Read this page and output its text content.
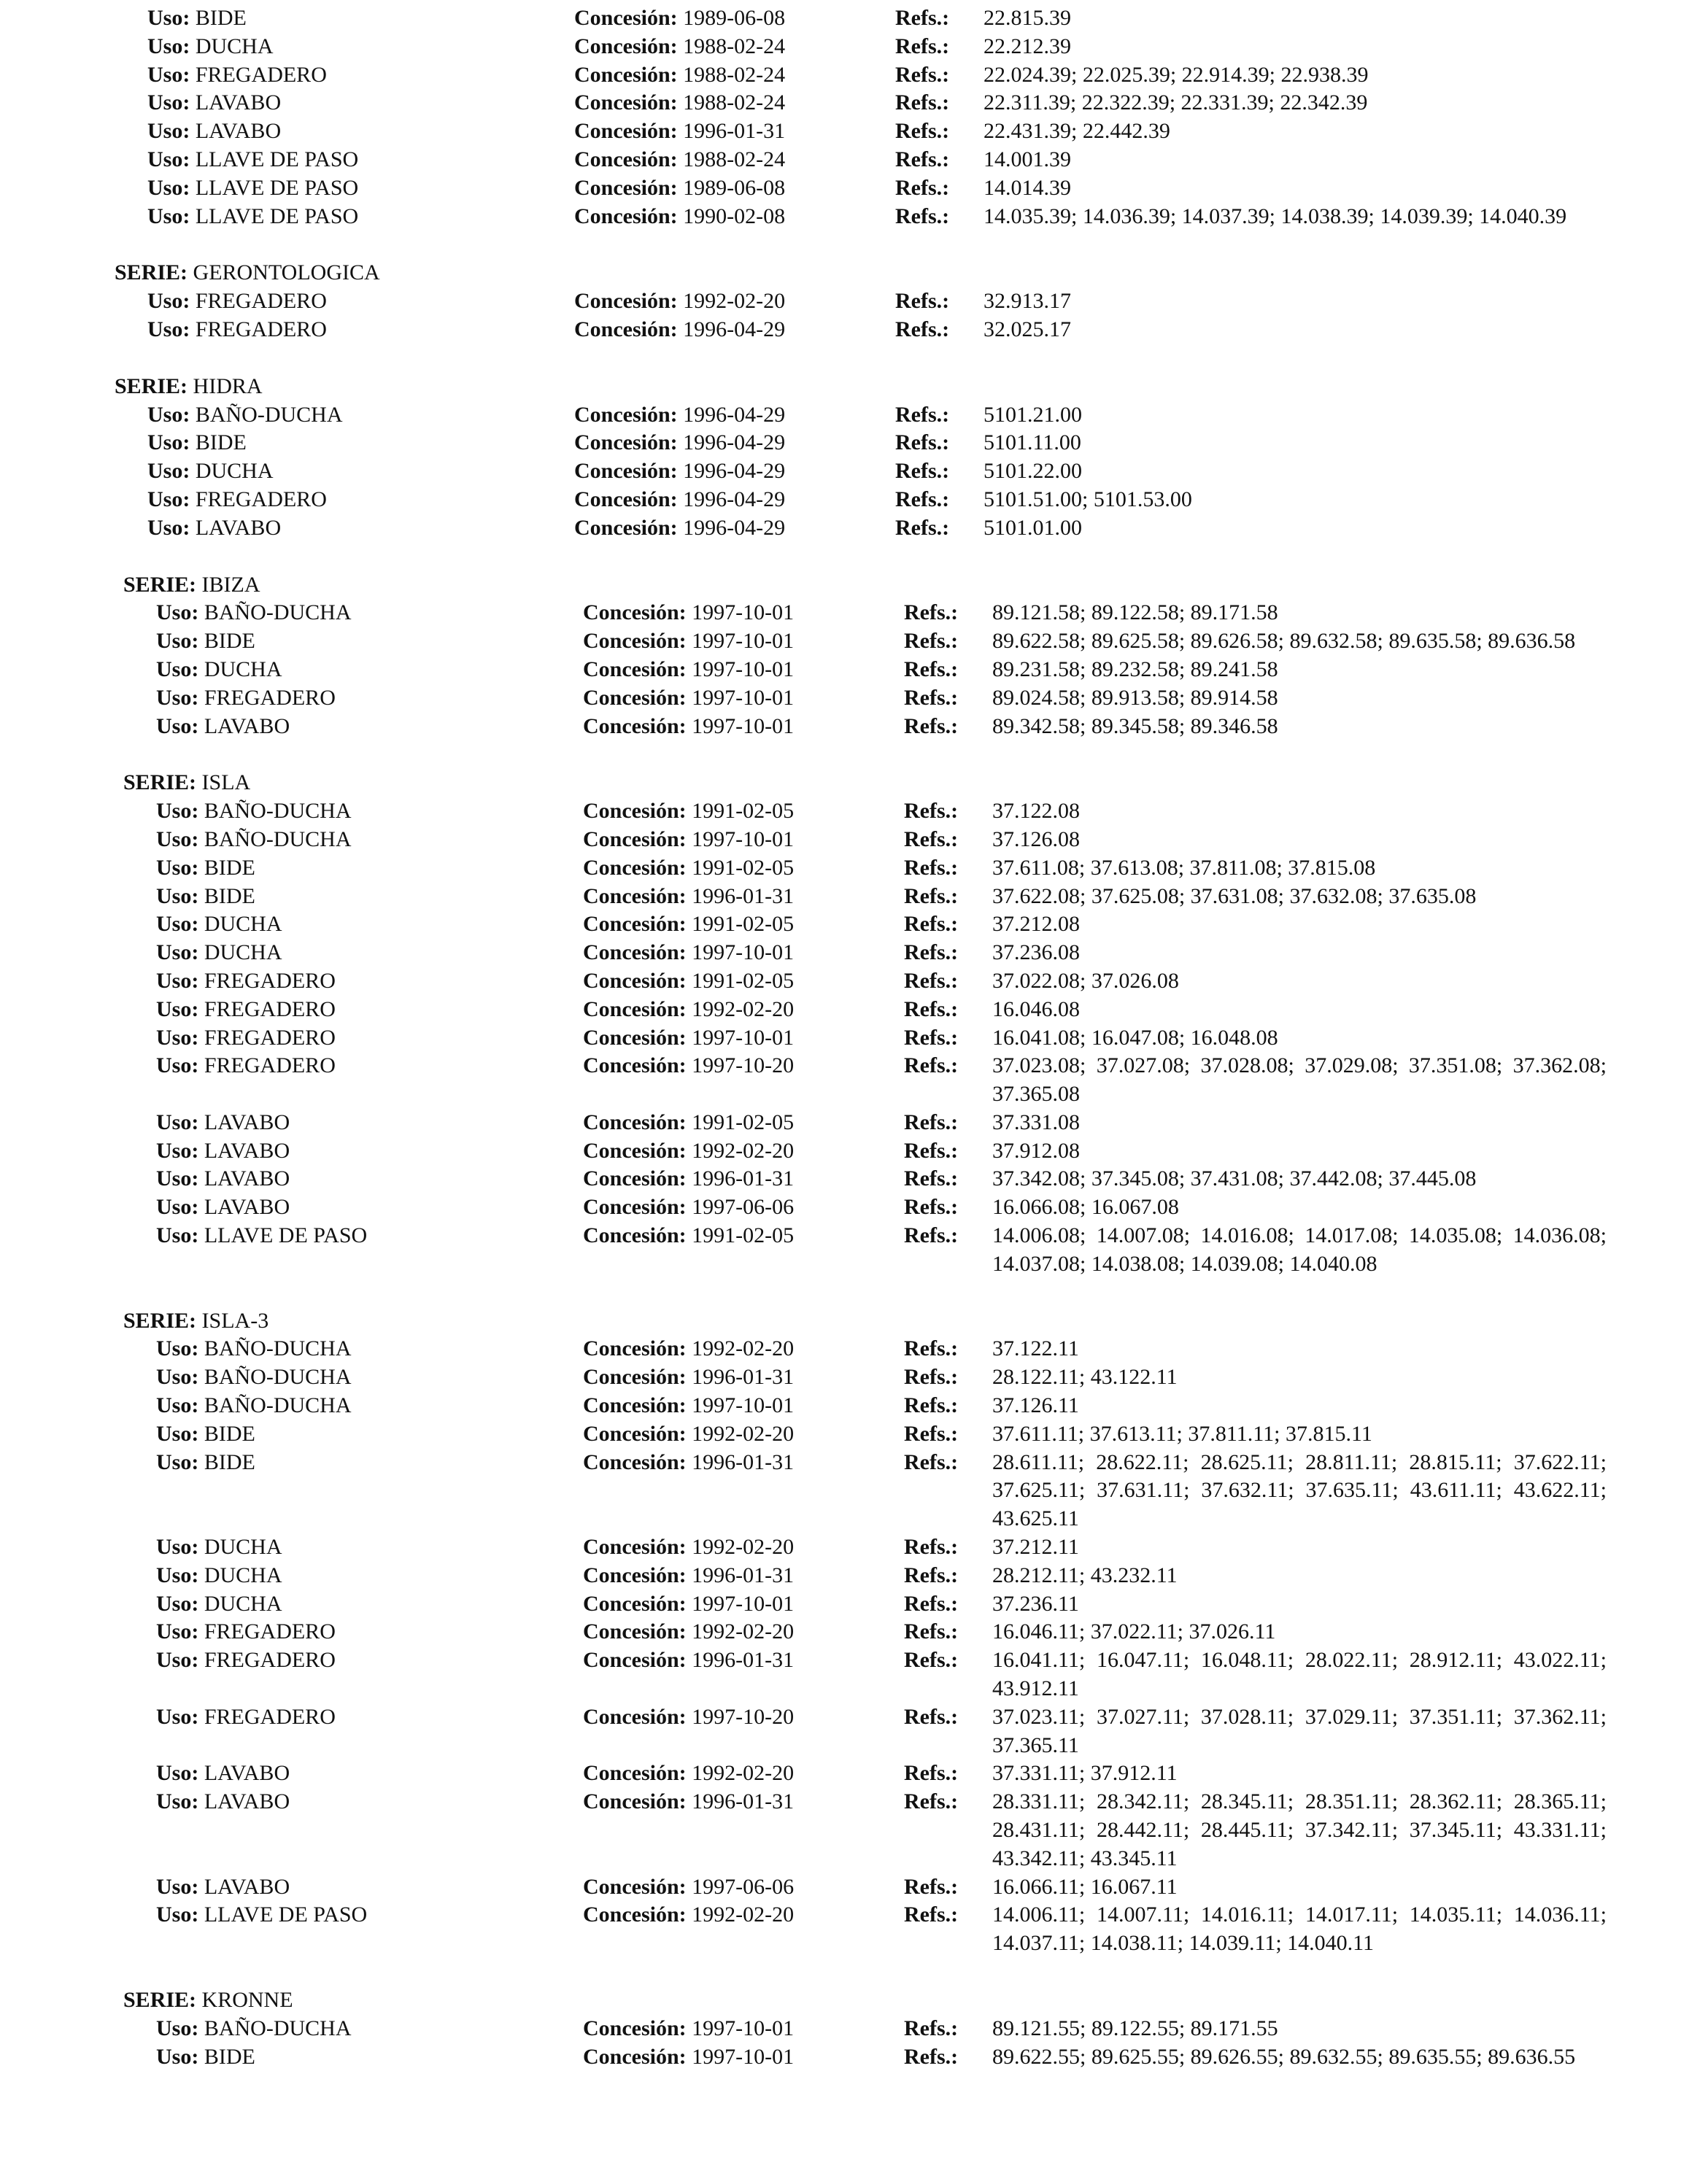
Uso: BIDE	Concesión: 1989-06-08	Refs.:	22.815.39
Uso: DUCHA	Concesión: 1988-02-24	Refs.:	22.212.39
Uso: FREGADERO	Concesión: 1988-02-24	Refs.:	22.024.39; 22.025.39; 22.914.39; 22.938.39
Uso: LAVABO	Concesión: 1988-02-24	Refs.:	22.311.39; 22.322.39; 22.331.39; 22.342.39
Uso: LAVABO	Concesión: 1996-01-31	Refs.:	22.431.39; 22.442.39
Uso: LLAVE DE PASO	Concesión: 1988-02-24	Refs.:	14.001.39
Uso: LLAVE DE PASO	Concesión: 1989-06-08	Refs.:	14.014.39
Uso: LLAVE DE PASO	Concesión: 1990-02-08	Refs.:	14.035.39; 14.036.39; 14.037.39; 14.038.39; 14.039.39; 14.040.39
SERIE: GERONTOLOGICA
Uso: FREGADERO	Concesión: 1992-02-20	Refs.:	32.913.17
Uso: FREGADERO	Concesión: 1996-04-29	Refs.:	32.025.17
SERIE: HIDRA
Uso: BAÑO-DUCHA	Concesión: 1996-04-29	Refs.:	5101.21.00
Uso: BIDE	Concesión: 1996-04-29	Refs.:	5101.11.00
Uso: DUCHA	Concesión: 1996-04-29	Refs.:	5101.22.00
Uso: FREGADERO	Concesión: 1996-04-29	Refs.:	5101.51.00; 5101.53.00
Uso: LAVABO	Concesión: 1996-04-29	Refs.:	5101.01.00
SERIE: IBIZA
Uso: BAÑO-DUCHA	Concesión: 1997-10-01	Refs.:	89.121.58; 89.122.58; 89.171.58
Uso: BIDE	Concesión: 1997-10-01	Refs.:	89.622.58; 89.625.58; 89.626.58; 89.632.58; 89.635.58; 89.636.58
Uso: DUCHA	Concesión: 1997-10-01	Refs.:	89.231.58; 89.232.58; 89.241.58
Uso: FREGADERO	Concesión: 1997-10-01	Refs.:	89.024.58; 89.913.58; 89.914.58
Uso: LAVABO	Concesión: 1997-10-01	Refs.:	89.342.58; 89.345.58; 89.346.58
SERIE: ISLA
Uso: BAÑO-DUCHA	Concesión: 1991-02-05	Refs.:	37.122.08
Uso: BAÑO-DUCHA	Concesión: 1997-10-01	Refs.:	37.126.08
Uso: BIDE	Concesión: 1991-02-05	Refs.:	37.611.08; 37.613.08; 37.811.08; 37.815.08
Uso: BIDE	Concesión: 1996-01-31	Refs.:	37.622.08; 37.625.08; 37.631.08; 37.632.08; 37.635.08
Uso: DUCHA	Concesión: 1991-02-05	Refs.:	37.212.08
Uso: DUCHA	Concesión: 1997-10-01	Refs.:	37.236.08
Uso: FREGADERO	Concesión: 1991-02-05	Refs.:	37.022.08; 37.026.08
Uso: FREGADERO	Concesión: 1992-02-20	Refs.:	16.046.08
Uso: FREGADERO	Concesión: 1997-10-01	Refs.:	16.041.08; 16.047.08; 16.048.08
Uso: FREGADERO	Concesión: 1997-10-20	Refs.:	37.023.08; 37.027.08; 37.028.08; 37.029.08; 37.351.08; 37.362.08; 37.365.08
Uso: LAVABO	Concesión: 1991-02-05	Refs.:	37.331.08
Uso: LAVABO	Concesión: 1992-02-20	Refs.:	37.912.08
Uso: LAVABO	Concesión: 1996-01-31	Refs.:	37.342.08; 37.345.08; 37.431.08; 37.442.08; 37.445.08
Uso: LAVABO	Concesión: 1997-06-06	Refs.:	16.066.08; 16.067.08
Uso: LLAVE DE PASO	Concesión: 1991-02-05	Refs.:	14.006.08; 14.007.08; 14.016.08; 14.017.08; 14.035.08; 14.036.08; 14.037.08; 14.038.08; 14.039.08; 14.040.08
SERIE: ISLA-3
Uso: BAÑO-DUCHA	Concesión: 1992-02-20	Refs.:	37.122.11
Uso: BAÑO-DUCHA	Concesión: 1996-01-31	Refs.:	28.122.11; 43.122.11
Uso: BAÑO-DUCHA	Concesión: 1997-10-01	Refs.:	37.126.11
Uso: BIDE	Concesión: 1992-02-20	Refs.:	37.611.11; 37.613.11; 37.811.11; 37.815.11
Uso: BIDE	Concesión: 1996-01-31	Refs.:	28.611.11; 28.622.11; 28.625.11; 28.811.11; 28.815.11; 37.622.11; 37.625.11; 37.631.11; 37.632.11; 37.635.11; 43.611.11; 43.622.11; 43.625.11
Uso: DUCHA	Concesión: 1992-02-20	Refs.:	37.212.11
Uso: DUCHA	Concesión: 1996-01-31	Refs.:	28.212.11; 43.232.11
Uso: DUCHA	Concesión: 1997-10-01	Refs.:	37.236.11
Uso: FREGADERO	Concesión: 1992-02-20	Refs.:	16.046.11; 37.022.11; 37.026.11
Uso: FREGADERO	Concesión: 1996-01-31	Refs.:	16.041.11; 16.047.11; 16.048.11; 28.022.11; 28.912.11; 43.022.11; 43.912.11
Uso: FREGADERO	Concesión: 1997-10-20	Refs.:	37.023.11; 37.027.11; 37.028.11; 37.029.11; 37.351.11; 37.362.11; 37.365.11
Uso: LAVABO	Concesión: 1992-02-20	Refs.:	37.331.11; 37.912.11
Uso: LAVABO	Concesión: 1996-01-31	Refs.:	28.331.11; 28.342.11; 28.345.11; 28.351.11; 28.362.11; 28.365.11; 28.431.11; 28.442.11; 28.445.11; 37.342.11; 37.345.11; 43.331.11; 43.342.11; 43.345.11
Uso: LAVABO	Concesión: 1997-06-06	Refs.:	16.066.11; 16.067.11
Uso: LLAVE DE PASO	Concesión: 1992-02-20	Refs.:	14.006.11; 14.007.11; 14.016.11; 14.017.11; 14.035.11; 14.036.11; 14.037.11; 14.038.11; 14.039.11; 14.040.11
SERIE: KRONNE
Uso: BAÑO-DUCHA	Concesión: 1997-10-01	Refs.:	89.121.55; 89.122.55; 89.171.55
Uso: BIDE	Concesión: 1997-10-01	Refs.:	89.622.55; 89.625.55; 89.626.55; 89.632.55; 89.635.55; 89.636.55
